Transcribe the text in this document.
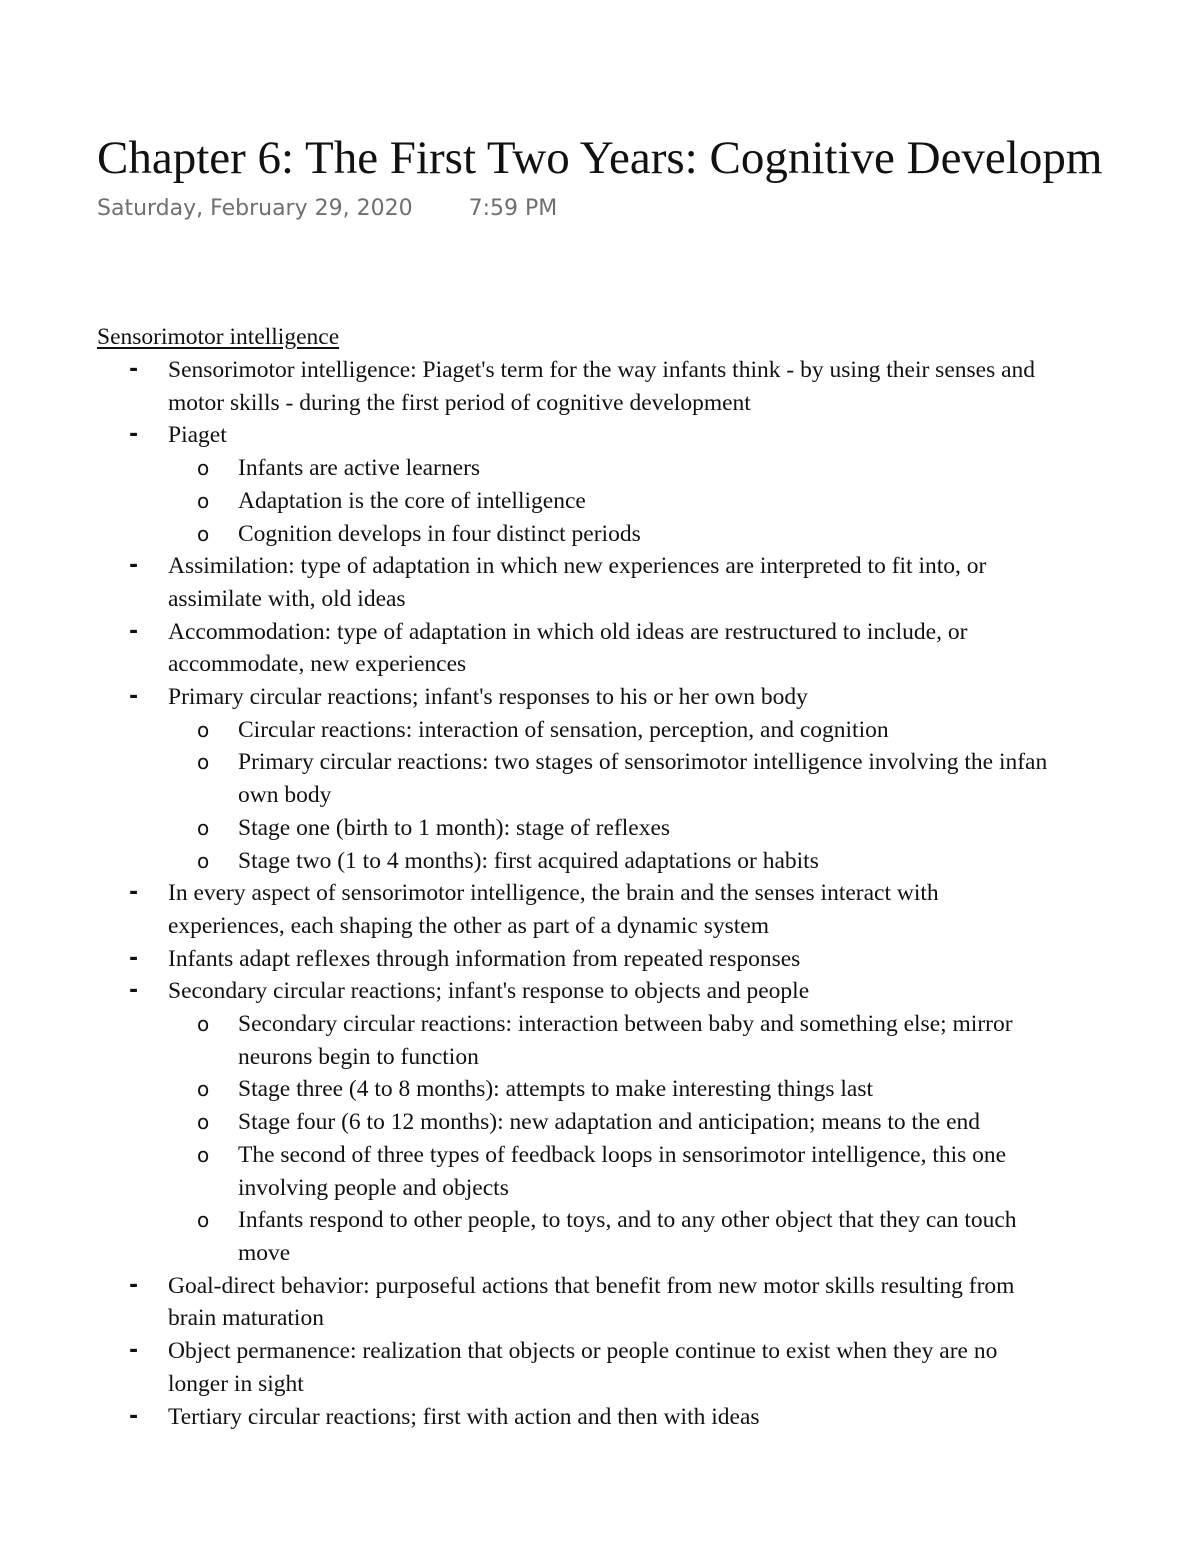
Chapter 6: The First Two Years: Cognitive Developm
Saturday, February 29, 2020	7:59 PM
Sensorimotor intelligence
- Sensorimotor intelligence: Piaget's term for the way infants think - by using their senses and
motor skills - during the first period of cognitive development
- Piaget
o Infants are active learners
o Adaptation is the core of intelligence
o Cognition develops in four distinct periods
- Assimilation: type of adaptation in which new experiences are interpreted to fit into, or
assimilate with, old ideas
- Accommodation: type of adaptation in which old ideas are restructured to include, or
accommodate, new experiences
- Primary circular reactions; infant's responses to his or her own body
o Circular reactions: interaction of sensation, perception, and cognition
o Primary circular reactions: two stages of sensorimotor intelligence involving the infan
own body
o Stage one (birth to 1 month): stage of reflexes
o Stage two (1 to 4 months): first acquired adaptations or habits
- In every aspect of sensorimotor intelligence, the brain and the senses interact with
experiences, each shaping the other as part of a dynamic system
- Infants adapt reflexes through information from repeated responses
- Secondary circular reactions; infant's response to objects and people
o Secondary circular reactions: interaction between baby and something else; mirror
neurons begin to function
o Stage three (4 to 8 months): attempts to make interesting things last
o Stage four (6 to 12 months): new adaptation and anticipation; means to the end
o The second of three types of feedback loops in sensorimotor intelligence, this one
involving people and objects
o Infants respond to other people, to toys, and to any other object that they can touch
move
- Goal-direct behavior: purposeful actions that benefit from new motor skills resulting from
brain maturation
- Object permanence: realization that objects or people continue to exist when they are no
longer in sight
- Tertiary circular reactions; first with action and then with ideas
